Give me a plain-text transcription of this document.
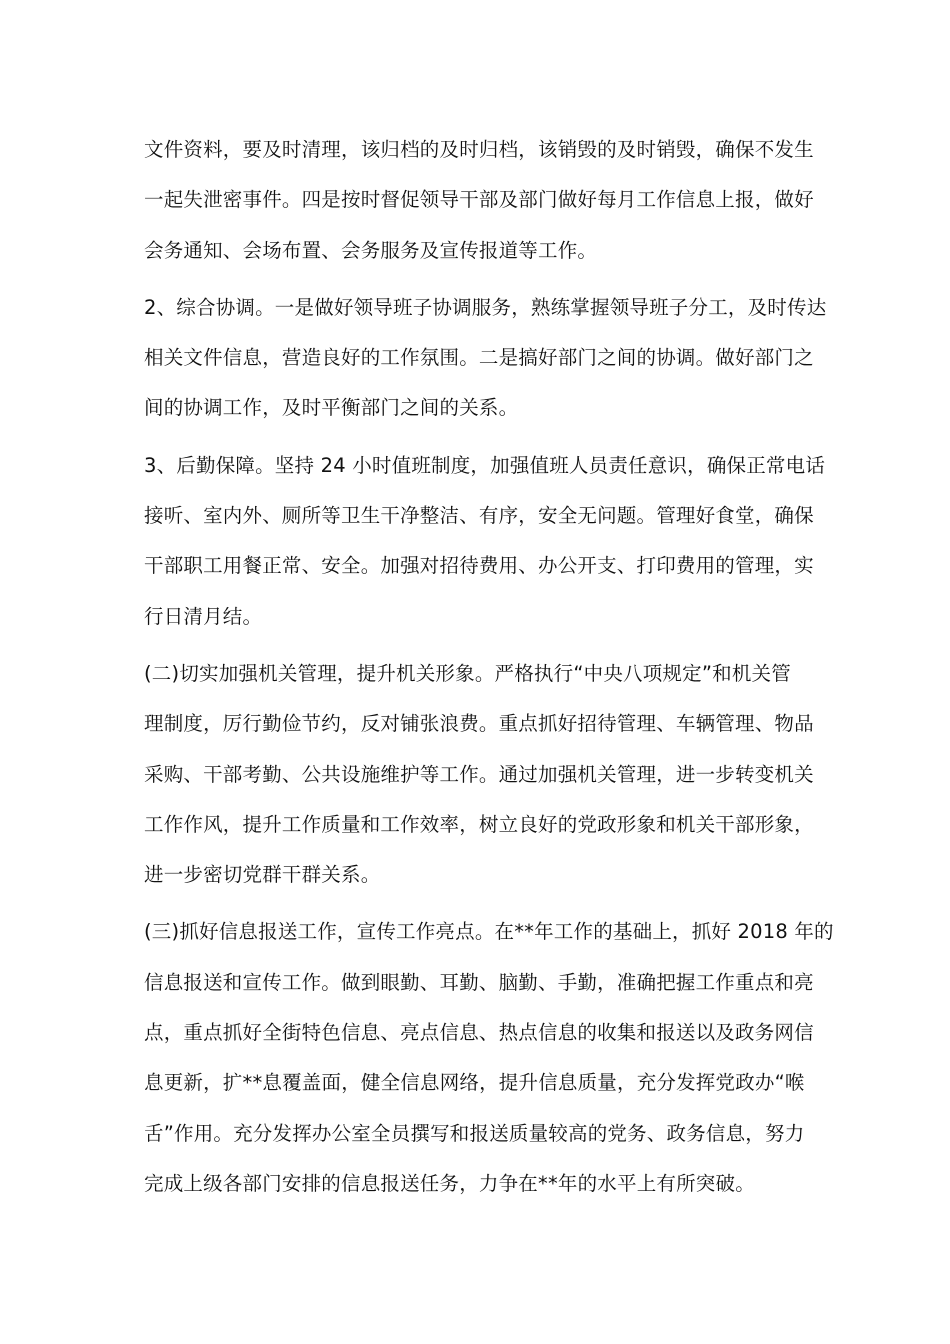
文件资料，要及时清理，该归档的及时归档，该销毁的及时销毁，确保不发生
一起失泄密事件。四是按时督促领导干部及部门做好每月工作信息上报，做好
会务通知、会场布置、会务服务及宣传报道等工作。
2、综合协调。一是做好领导班子协调服务，熟练掌握领导班子分工，及时传达
相关文件信息，营造良好的工作氛围。二是搞好部门之间的协调。做好部门之
间的协调工作，及时平衡部门之间的关系。
3、后勤保障。坚持 24 小时值班制度，加强值班人员责任意识，确保正常电话
接听、室内外、厕所等卫生干净整洁、有序，安全无问题。管理好食堂，确保
干部职工用餐正常、安全。加强对招待费用、办公开支、打印费用的管理，实
行日清月结。
(二)切实加强机关管理，提升机关形象。严格执行“中央八项规定”和机关管
理制度，厉行勤俭节约，反对铺张浪费。重点抓好招待管理、车辆管理、物品
采购、干部考勤、公共设施维护等工作。通过加强机关管理，进一步转变机关
工作作风，提升工作质量和工作效率，树立良好的党政形象和机关干部形象，
进一步密切党群干群关系。
(三)抓好信息报送工作，宣传工作亮点。在**年工作的基础上，抓好 2018 年的
信息报送和宣传工作。做到眼勤、耳勤、脑勤、手勤，准确把握工作重点和亮
点，重点抓好全街特色信息、亮点信息、热点信息的收集和报送以及政务网信
息更新，扩**息覆盖面，健全信息网络，提升信息质量，充分发挥党政办“喉
舌”作用。充分发挥办公室全员撰写和报送质量较高的党务、政务信息，努力
完成上级各部门安排的信息报送任务，力争在**年的水平上有所突破。
